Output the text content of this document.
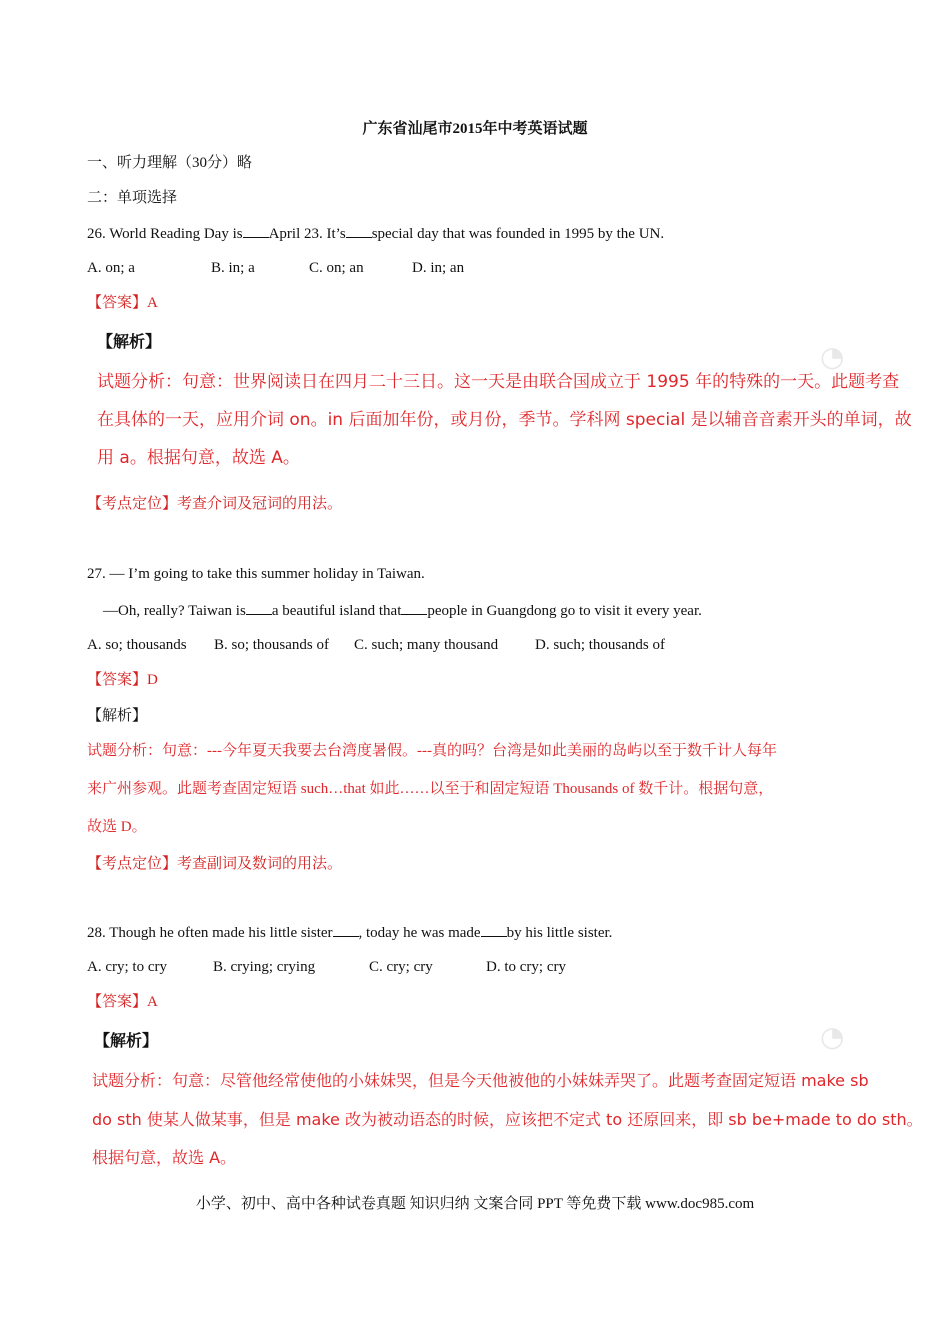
◔
◔
广东省汕尾市2015年中考英语试题
一、听力理解（30分）略
二：单项选择
26. World Reading Day is April 23. It’s special day that was founded in 1995 by the UN.
A. on; a	B. in; a	C. on; an	D. in; an
【答案】A
【解析】
试题分析：句意：世界阅读日在四月二十三日。这一天是由联合国成立于 1995 年的特殊的一天。此题考查
在具体的一天，应用介词 on。in 后面加年份，或月份，季节。学科网 special 是以辅音音素开头的单词，故
用 a。根据句意，故选 A。
【考点定位】考查介词及冠词的用法。
27. — I’m going to take this summer holiday in Taiwan.
—Oh, really? Taiwan is a beautiful island that people in Guangdong go to visit it every year.
A. so; thousands B. so; thousands of C. such; many thousand D. such; thousands of
【答案】D
【解析】
试题分析：句意：---今年夏天我要去台湾度暑假。---真的吗？台湾是如此美丽的岛屿以至于数千计人每年
来广州参观。此题考查固定短语 such…that 如此……以至于和固定短语 Thousands of 数千计。根据句意，
故选 D。
【考点定位】考查副词及数词的用法。
28. Though he often made his little sister , today he was made by his little sister.
A. cry; to cry	B. crying; crying	C. cry; cry	D. to cry; cry
【答案】A
【解析】
试题分析：句意：尽管他经常使他的小妹妹哭，但是今天他被他的小妹妹弄哭了。此题考查固定短语 make sb
do sth 使某人做某事，但是 make 改为被动语态的时候，应该把不定式 to 还原回来，即 sb be+made to do sth。
根据句意，故选 A。
小学、初中、高中各种试卷真题 知识归纳 文案合同 PPT 等免费下载 www.doc985.com
